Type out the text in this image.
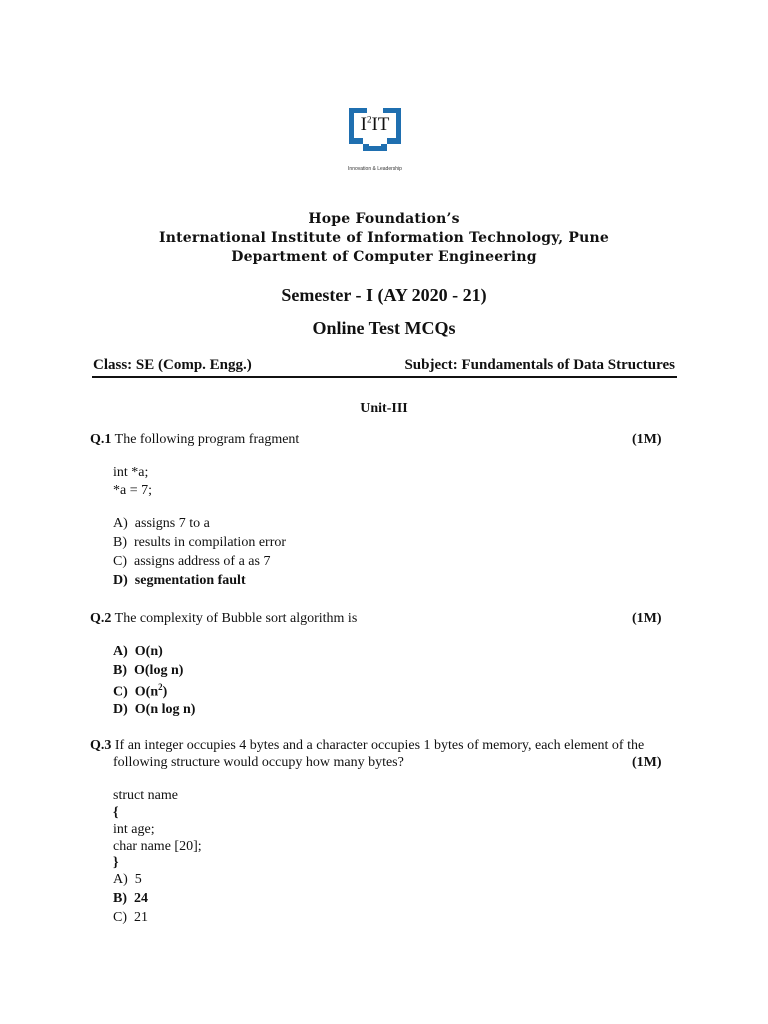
$I^2IT$
Innovation & Leadership
Hope Foundation’s
International Institute of Information Technology, Pune
Department of Computer Engineering
Semester - I (AY 2020 - 21)
Online Test MCQs
Class: SE (Comp. Engg.)	Subject: Fundamentals of Data Structures
Unit-III
Q.1 The following program fragment	(1M)
int *a;
*a = 7;
A) assigns 7 to a
B) results in compilation error
C) assigns address of a as 7
D) segmentation fault
Q.2 The complexity of Bubble sort algorithm is	(1M)
A) O(n)
B) O(log n)
C) $O(n^2)$
D) O(n log n)
Q.3 If an integer occupies 4 bytes and a character occupies 1 bytes of memory, each element of the
following structure would occupy how many bytes?	(1M)
struct name
{
int age;
char name [20];
}
A) 5
B) 24
C) 21
